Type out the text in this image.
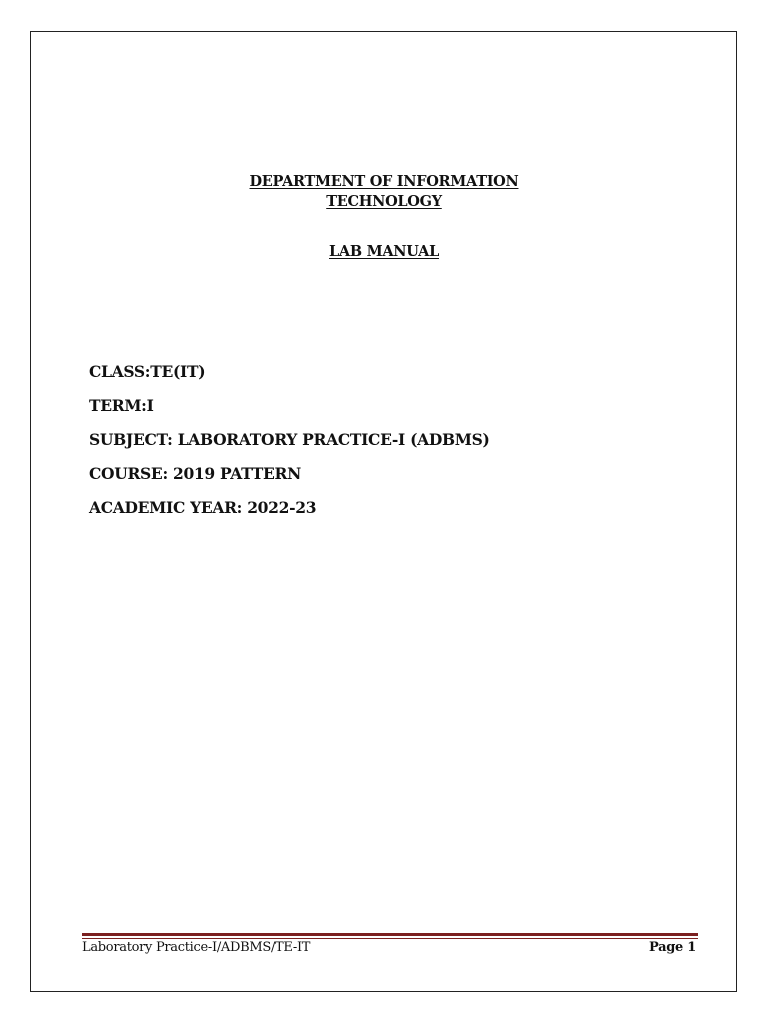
DEPARTMENT OF INFORMATION
TECHNOLOGY
LAB MANUAL
CLASS:TE(IT)
TERM:I
SUBJECT: LABORATORY PRACTICE-I (ADBMS)
COURSE: 2019 PATTERN
ACADEMIC YEAR: 2022-23
Laboratory Practice-I/ADBMS/TE-IT	Page 1
